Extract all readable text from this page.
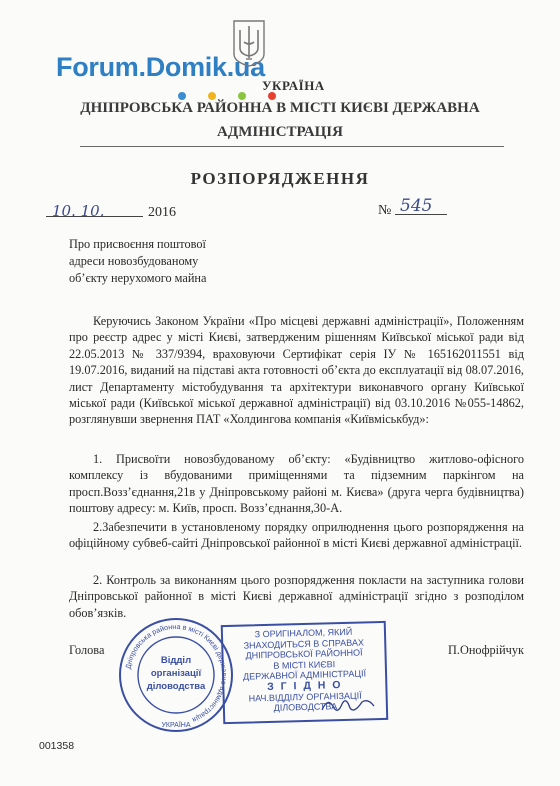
Forum.Domik.ua
УКРАЇНА
ДНІПРОВСЬКА РАЙОННА В МІСТІ КИЄВІ ДЕРЖАВНА
АДМІНІСТРАЦІЯ
РОЗПОРЯДЖЕННЯ
10. 10.	2016	№ 545
Про присвоєння поштової
адреси новозбудованому
об’єкту нерухомого майна
Керуючись Законом України «Про місцеві державні адміністрації», Положенням про реєстр адрес у місті Києві, затвердженим рішенням Київської міської ради від 22.05.2013 № 337/9394, враховуючи Сертифікат серія ІУ № 165162011551 від 19.07.2016, виданий на підставі акта готовності об’єкта до експлуатації від 08.07.2016, лист Департаменту містобудування та архітектури виконавчого органу Київської міської ради (Київської міської державної адміністрації) від 03.10.2016 №055-14862, розглянувши звернення ПАТ «Холдингова компанія «Київміськбуд»:
1. Присвоїти новозбудованому об’єкту: «Будівництво житлово-офісного комплексу із вбудованими приміщеннями та підземним паркінгом на просп.Возз’єднання,21в у Дніпровському районі м. Києва» (друга черга будівництва) поштову адресу: м. Київ, просп. Возз’єднання,30-А.
2.Забезпечити в установленому порядку оприлюднення цього розпорядження на офіційному субвеб-сайті Дніпровської районної в місті Києві державної адміністрації.
2. Контроль за виконанням цього розпорядження покласти на заступника голови Дніпровської районної в місті Києві державної адміністрації згідно з розподілом обов’язків.
Голова	П.Онофрійчук
Дніпровська районна в місті Києві державна адміністрація
Відділ
організації
діловодства
УКРАЇНА
З ОРИГІНАЛОМ, ЯКИЙ
ЗНАХОДИТЬСЯ В СПРАВАХ
ДНІПРОВСЬКОЇ РАЙОННОЇ
В МІСТІ КИЄВІ
ДЕРЖАВНОЇ АДМІНІСТРАЦІЇ
З Г І Д Н О
НАЧ.ВІДДІЛУ ОРГАНІЗАЦІЇ
ДІЛОВОДСТВА
001358
